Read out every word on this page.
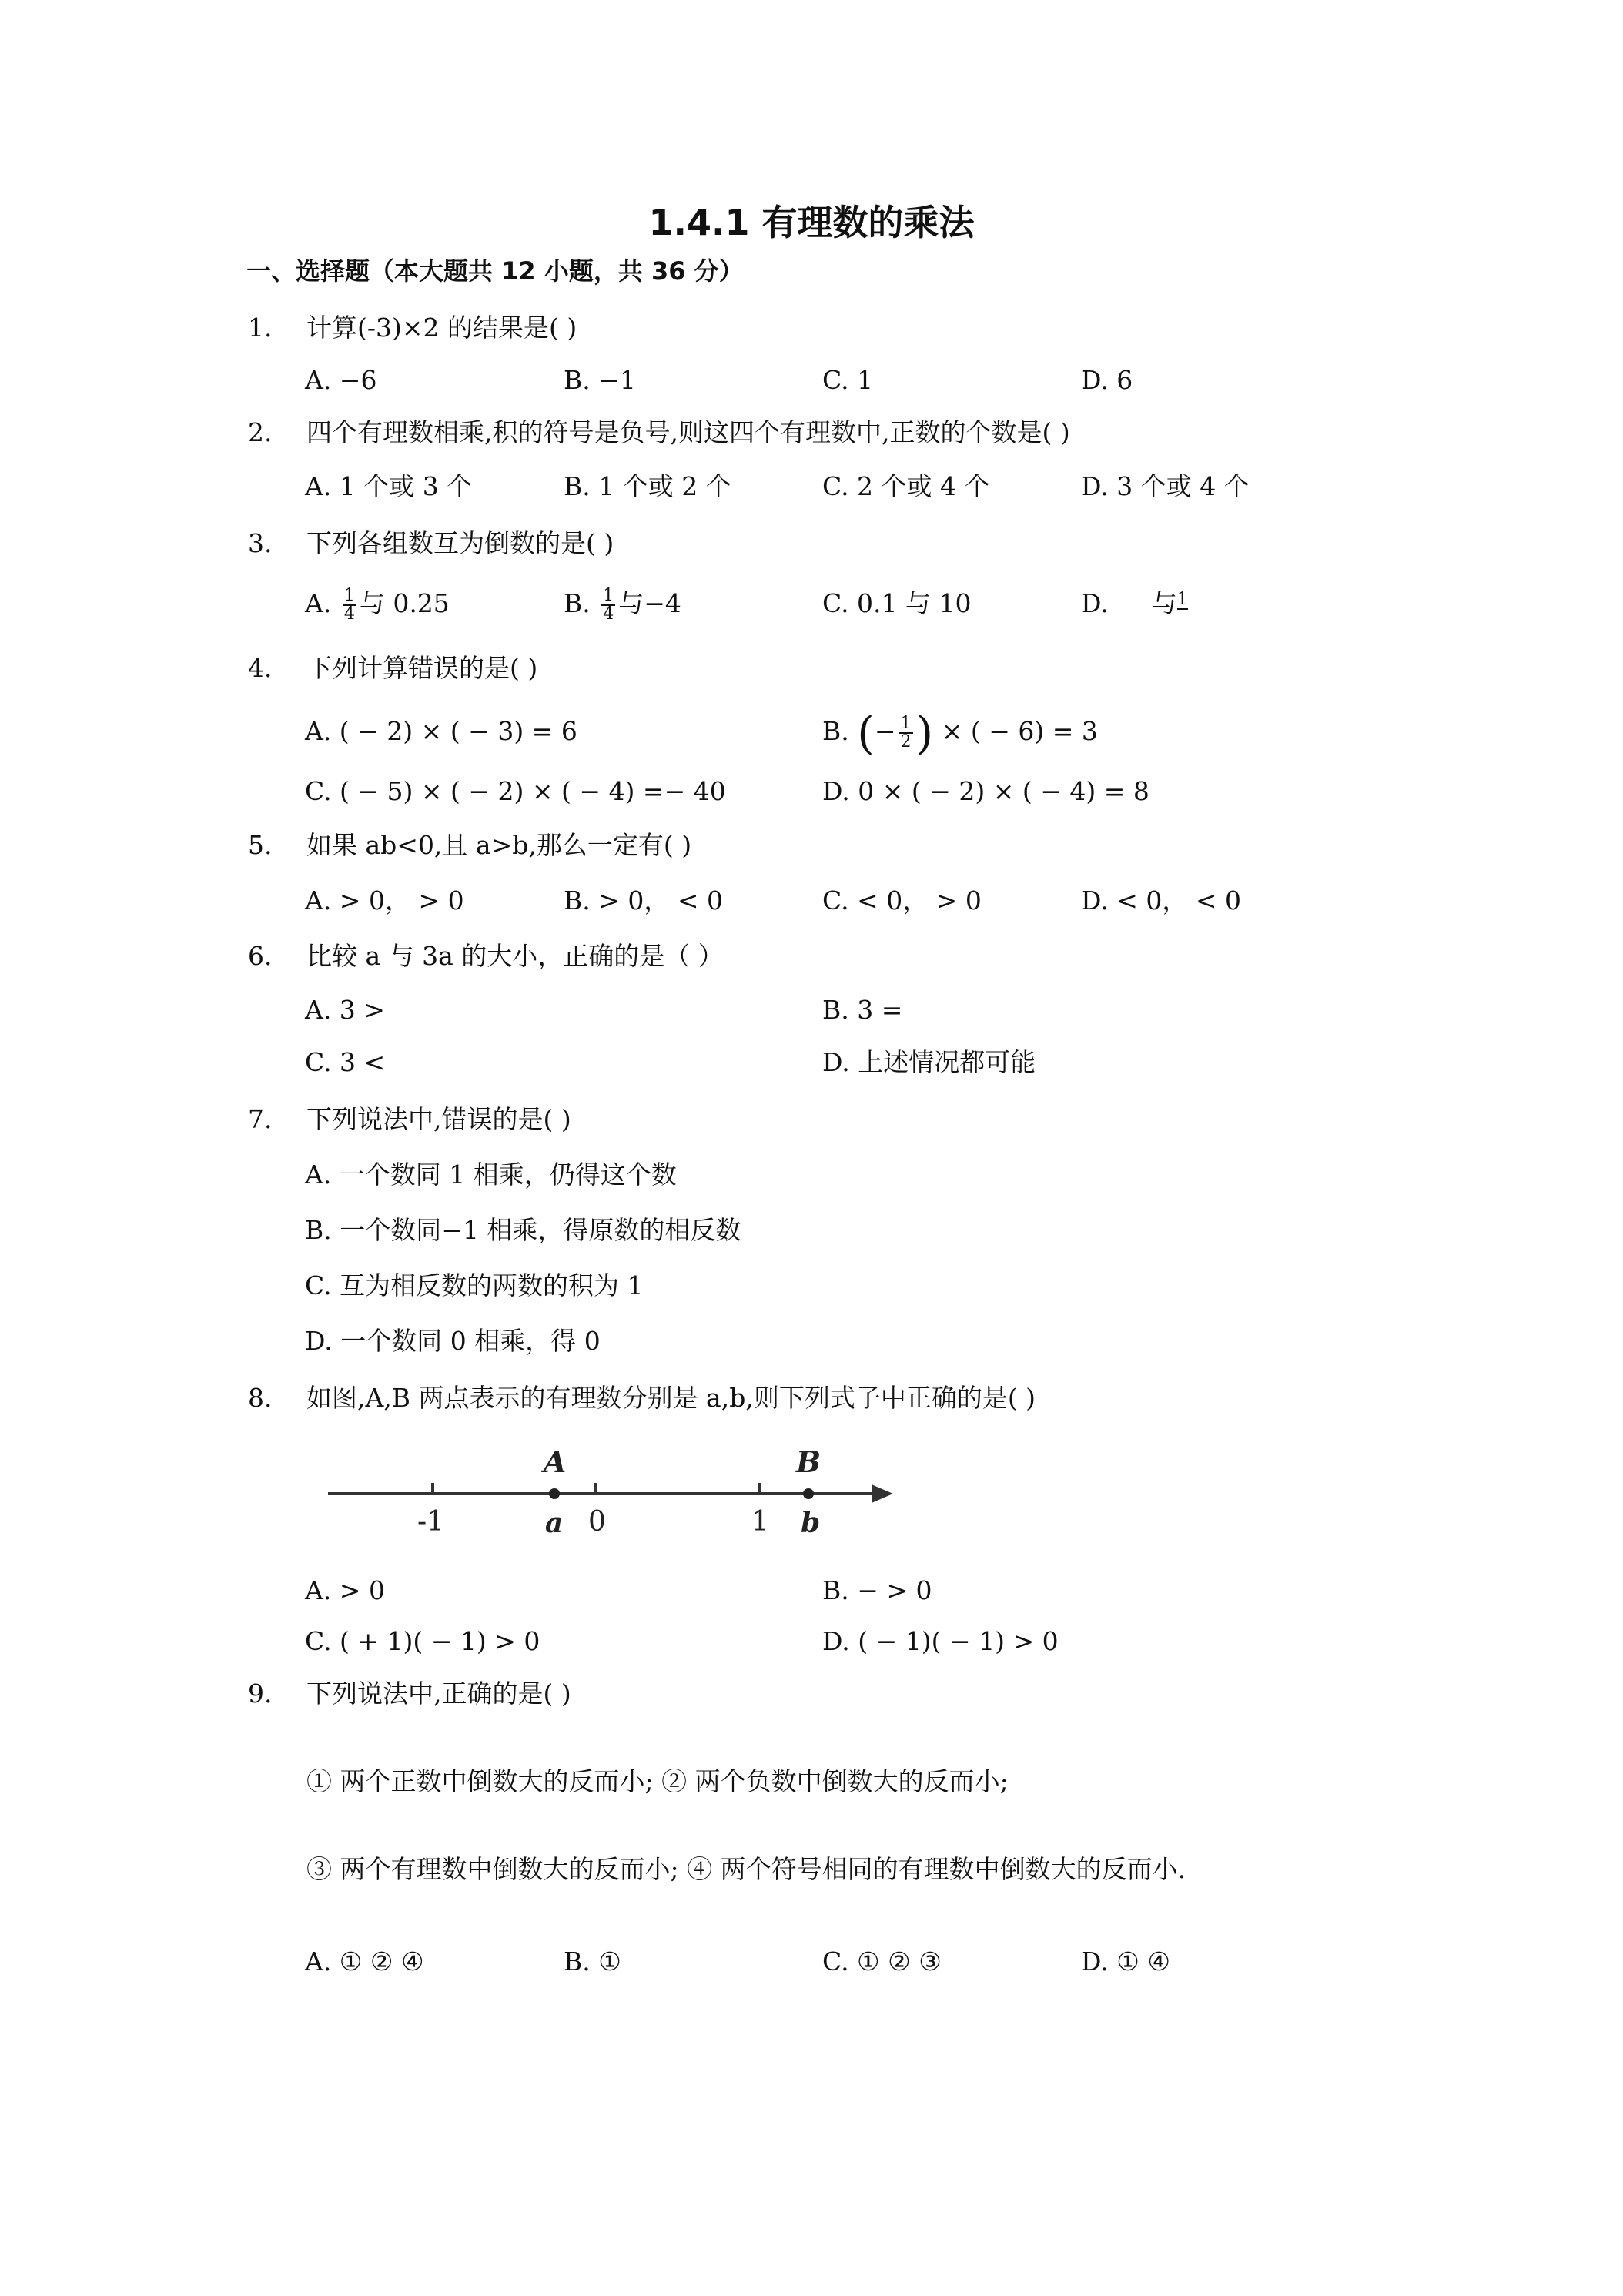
1.4.1 有理数的乘法
一、选择题（本大题共 12 小题，共 36 分）
1. 计算(-3)×2 的结果是( )
A. −6	B. −1	C. 1	D. 6
2. 四个有理数相乘,积的符号是负号,则这四个有理数中,正数的个数是( )
A. 1 个或 3 个	B. 1 个或 2 个	C. 2 个或 4 个	D. 3 个或 4 个
3. 下列各组数互为倒数的是( )
A. $\frac{1}{4}$ 与 0.25	B. $\frac{1}{4}$ 与−4	C. 0.1 与 10	D. 与1
4. 下列计算错误的是( )
A. ( − 2) × ( − 3) = 6	B. (− $\frac{1}{2}$ ) × ( − 6) = 3
C. ( − 5) × ( − 2) × ( − 4) =− 40	D. 0 × ( − 2) × ( − 4) = 8
5. 如果 ab<0,且 a>b,那么一定有( )
A. > 0， > 0	B. > 0， < 0	C. < 0， > 0	D. < 0， < 0
6. 比较 a 与 3a 的大小，正确的是（ ）
A. 3 >	B. 3 =
C. 3 <	D. 上述情况都可能
7. 下列说法中,错误的是( )
A. 一个数同 1 相乘，仍得这个数
B. 一个数同−1 相乘，得原数的相反数
C. 互为相反数的两数的积为 1
D. 一个数同 0 相乘，得 0
8. 如图,A,B 两点表示的有理数分别是 a,b,则下列式子中正确的是( )
A	B
-1	0	1
a	b
A. > 0	B. − > 0
C. ( + 1)( − 1) > 0	D. ( − 1)( − 1) > 0
9. 下列说法中,正确的是( )
① 两个正数中倒数大的反而小; ② 两个负数中倒数大的反而小;
③ 两个有理数中倒数大的反而小; ④ 两个符号相同的有理数中倒数大的反而小.
A. ① ② ④	B. ①	C. ① ② ③	D. ① ④
